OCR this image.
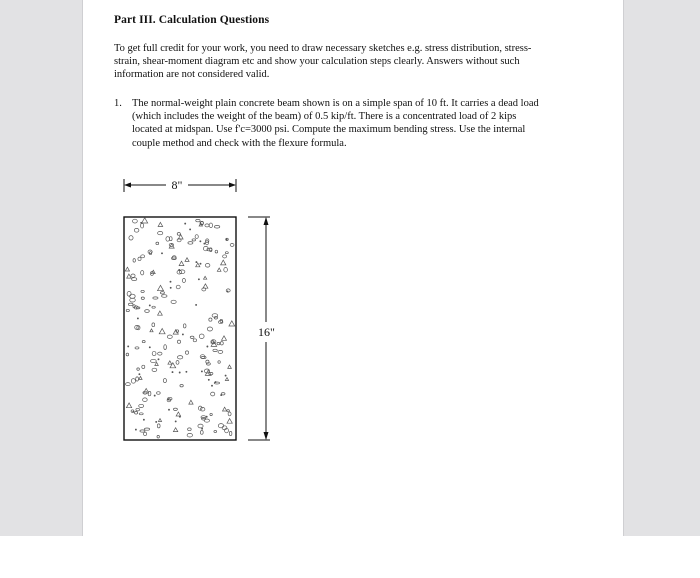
Part III. Calculation Questions
To get full credit for your work, you need to draw necessary sketches e.g. stress distribution, stress-strain, shear-moment diagram etc and show your calculation steps clearly. Answers without such information are not considered valid.
1. The normal-weight plain concrete beam shown is on a simple span of 10 ft. It carries a dead load (which includes the weight of the beam) of 0.5 kip/ft. There is a concentrated load of 2 kips located at midspan. Use f'c=3000 psi. Compute the maximum bending stress. Use the internal couple method and check with the flexure formula.
8"
16"
